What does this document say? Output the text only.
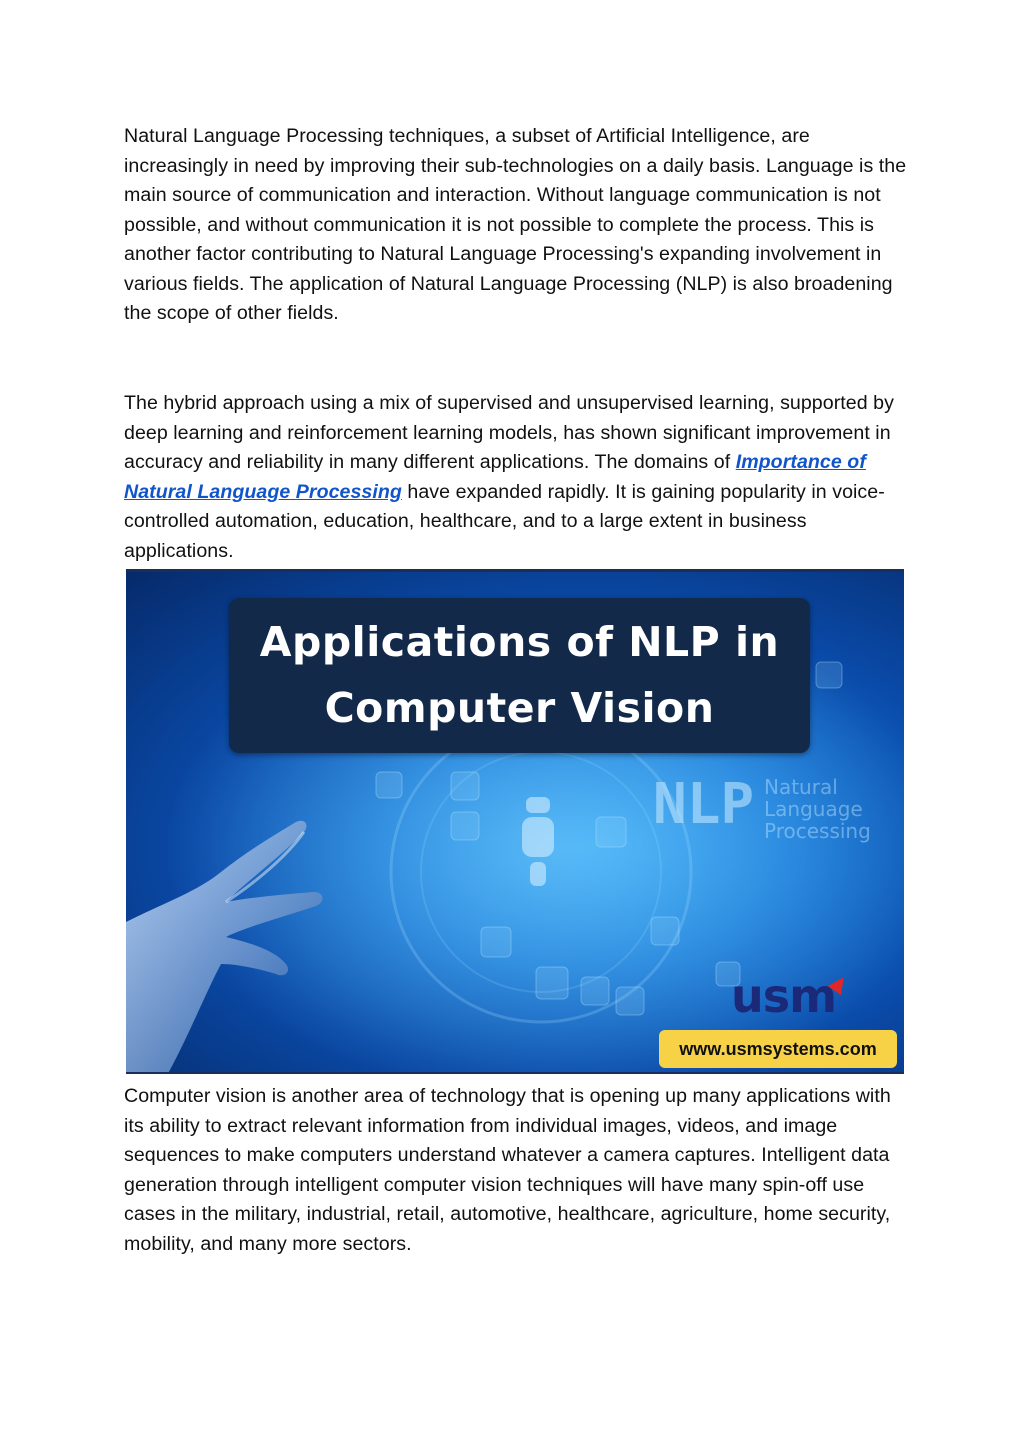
Natural Language Processing techniques, a subset of Artificial Intelligence, are increasingly in need by improving their sub-technologies on a daily basis. Language is the main source of communication and interaction. Without language communication is not possible, and without communication it is not possible to complete the process. This is another factor contributing to Natural Language Processing's expanding involvement in various fields. The application of Natural Language Processing (NLP) is also broadening the scope of other fields.

The hybrid approach using a mix of supervised and unsupervised learning, supported by deep learning and reinforcement learning models, has shown significant improvement in accuracy and reliability in many different applications. The domains of Importance of Natural Language Processing have expanded rapidly. It is gaining popularity in voice-controlled automation, education, healthcare, and to a large extent in business applications.

Applications of NLP in
Computer Vision
NLP Natural
Language
Processing
usm
www.usmsystems.com

Computer vision is another area of technology that is opening up many applications with its ability to extract relevant information from individual images, videos, and image sequences to make computers understand whatever a camera captures. Intelligent data generation through intelligent computer vision techniques will have many spin-off use cases in the military, industrial, retail, automotive, healthcare, agriculture, home security, mobility, and many more sectors.
